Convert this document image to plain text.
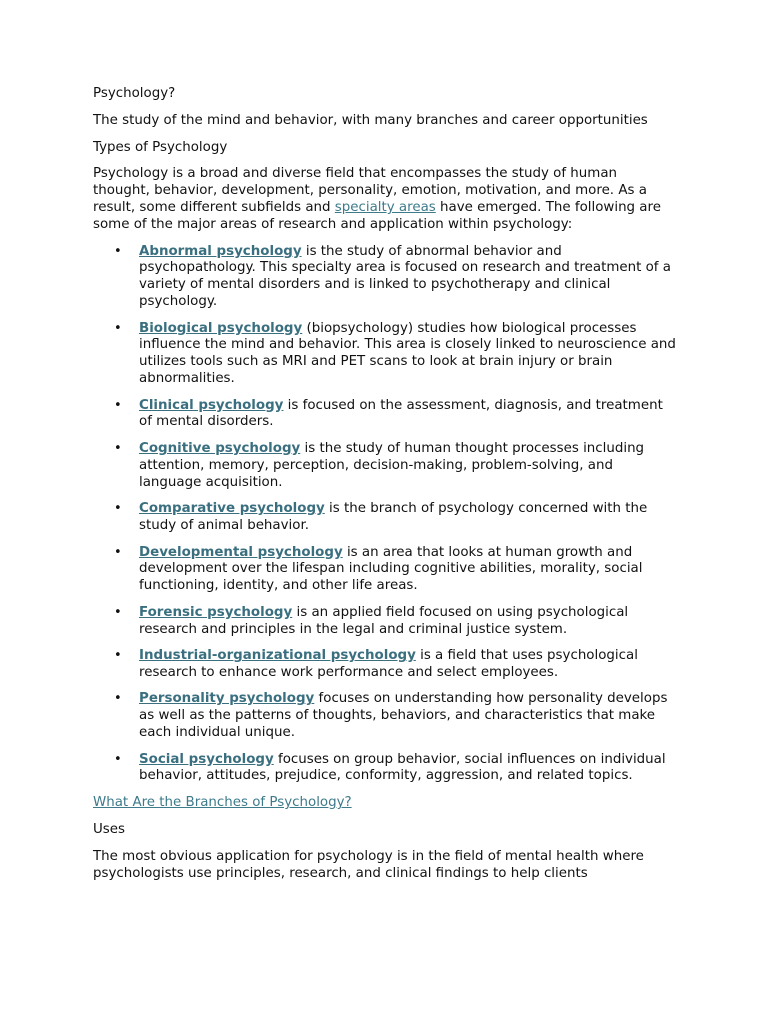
Psychology?

The study of the mind and behavior, with many branches and career opportunities

Types of Psychology

Psychology is a broad and diverse field that encompasses the study of human thought, behavior, development, personality, emotion, motivation, and more. As a result, some different subfields and specialty areas have emerged. The following are some of the major areas of research and application within psychology:

• Abnormal psychology is the study of abnormal behavior and psychopathology. This specialty area is focused on research and treatment of a variety of mental disorders and is linked to psychotherapy and clinical psychology.
• Biological psychology (biopsychology) studies how biological processes influence the mind and behavior. This area is closely linked to neuroscience and utilizes tools such as MRI and PET scans to look at brain injury or brain abnormalities.
• Clinical psychology is focused on the assessment, diagnosis, and treatment of mental disorders.
• Cognitive psychology is the study of human thought processes including attention, memory, perception, decision-making, problem-solving, and language acquisition.
• Comparative psychology is the branch of psychology concerned with the study of animal behavior.
• Developmental psychology is an area that looks at human growth and development over the lifespan including cognitive abilities, morality, social functioning, identity, and other life areas.
• Forensic psychology is an applied field focused on using psychological research and principles in the legal and criminal justice system.
• Industrial-organizational psychology is a field that uses psychological research to enhance work performance and select employees.
• Personality psychology focuses on understanding how personality develops as well as the patterns of thoughts, behaviors, and characteristics that make each individual unique.
• Social psychology focuses on group behavior, social influences on individual behavior, attitudes, prejudice, conformity, aggression, and related topics.

What Are the Branches of Psychology?

Uses

The most obvious application for psychology is in the field of mental health where psychologists use principles, research, and clinical findings to help clients
